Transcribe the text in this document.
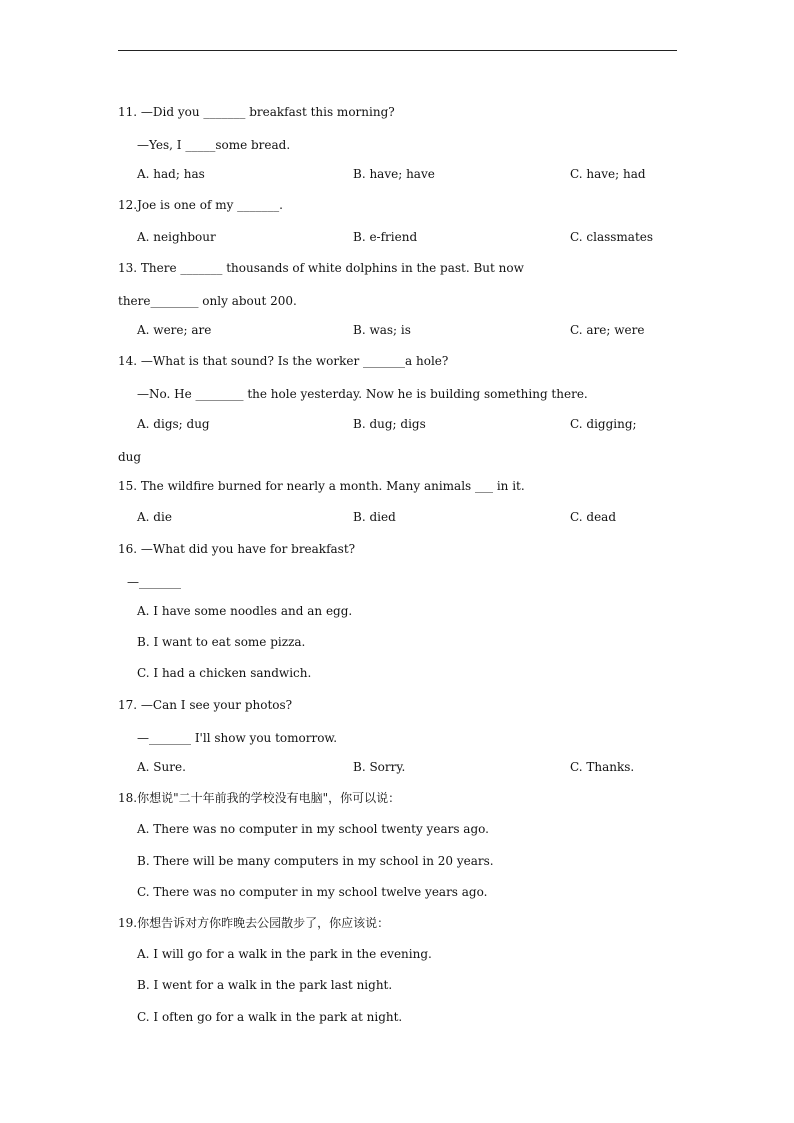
11. —Did you _______ breakfast this morning?
—Yes, I _____some bread.
A. had; has	B. have; have	C. have; had
12.Joe is one of my _______.
A. neighbour	B. e-friend	C. classmates
13. There _______ thousands of white dolphins in the past. But now
there________ only about 200.
A. were; are	B. was; is	C. are; were
14. —What is that sound? Is the worker _______a hole?
—No. He ________ the hole yesterday. Now he is building something there.
A. digs; dug	B. dug; digs	C. digging;
dug
15. The wildfire burned for nearly a month. Many animals ___ in it.
A. die	B. died	C. dead
16. —What did you have for breakfast?
—_______
A. I have some noodles and an egg.
B. I want to eat some pizza.
C. I had a chicken sandwich.
17. —Can I see your photos?
—_______ I'll show you tomorrow.
A. Sure.	B. Sorry.	C. Thanks.
18.你想说"二十年前我的学校没有电脑"，你可以说：
A. There was no computer in my school twenty years ago.
B. There will be many computers in my school in 20 years.
C. There was no computer in my school twelve years ago.
19.你想告诉对方你昨晚去公园散步了，你应该说：
A. I will go for a walk in the park in the evening.
B. I went for a walk in the park last night.
C. I often go for a walk in the park at night.
